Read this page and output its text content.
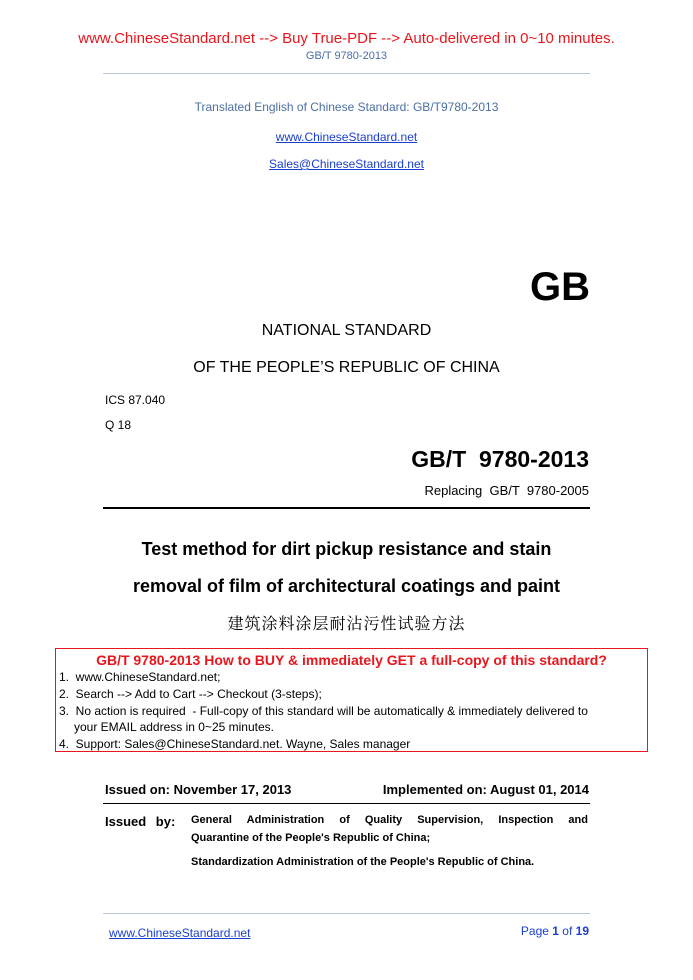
www.ChineseStandard.net --> Buy True-PDF --> Auto-delivered in 0~10 minutes.
GB/T 9780-2013
Translated English of Chinese Standard: GB/T9780-2013
www.ChineseStandard.net
Sales@ChineseStandard.net
GB
NATIONAL STANDARD
OF THE PEOPLE’S REPUBLIC OF CHINA
ICS 87.040
Q 18
GB/T  9780-2013
Replacing  GB/T  9780-2005
Test method for dirt pickup resistance and stain
removal of film of architectural coatings and paint
建筑涂料涂层耐沾污性试验方法
GB/T 9780-2013 How to BUY & immediately GET a full-copy of this standard?
1.  www.ChineseStandard.net;
2.  Search --> Add to Cart --> Checkout (3-steps);
3.  No action is required  - Full-copy of this standard will be automatically & immediately delivered to
your EMAIL address in 0~25 minutes.
4.  Support: Sales@ChineseStandard.net. Wayne, Sales manager
Issued on: November 17, 2013	Implemented on: August 01, 2014
Issued by: General Administration of Quality Supervision, Inspection and
Quarantine of the People's Republic of China;
Standardization Administration of the People's Republic of China.
www.ChineseStandard.net	Page 1 of 19
